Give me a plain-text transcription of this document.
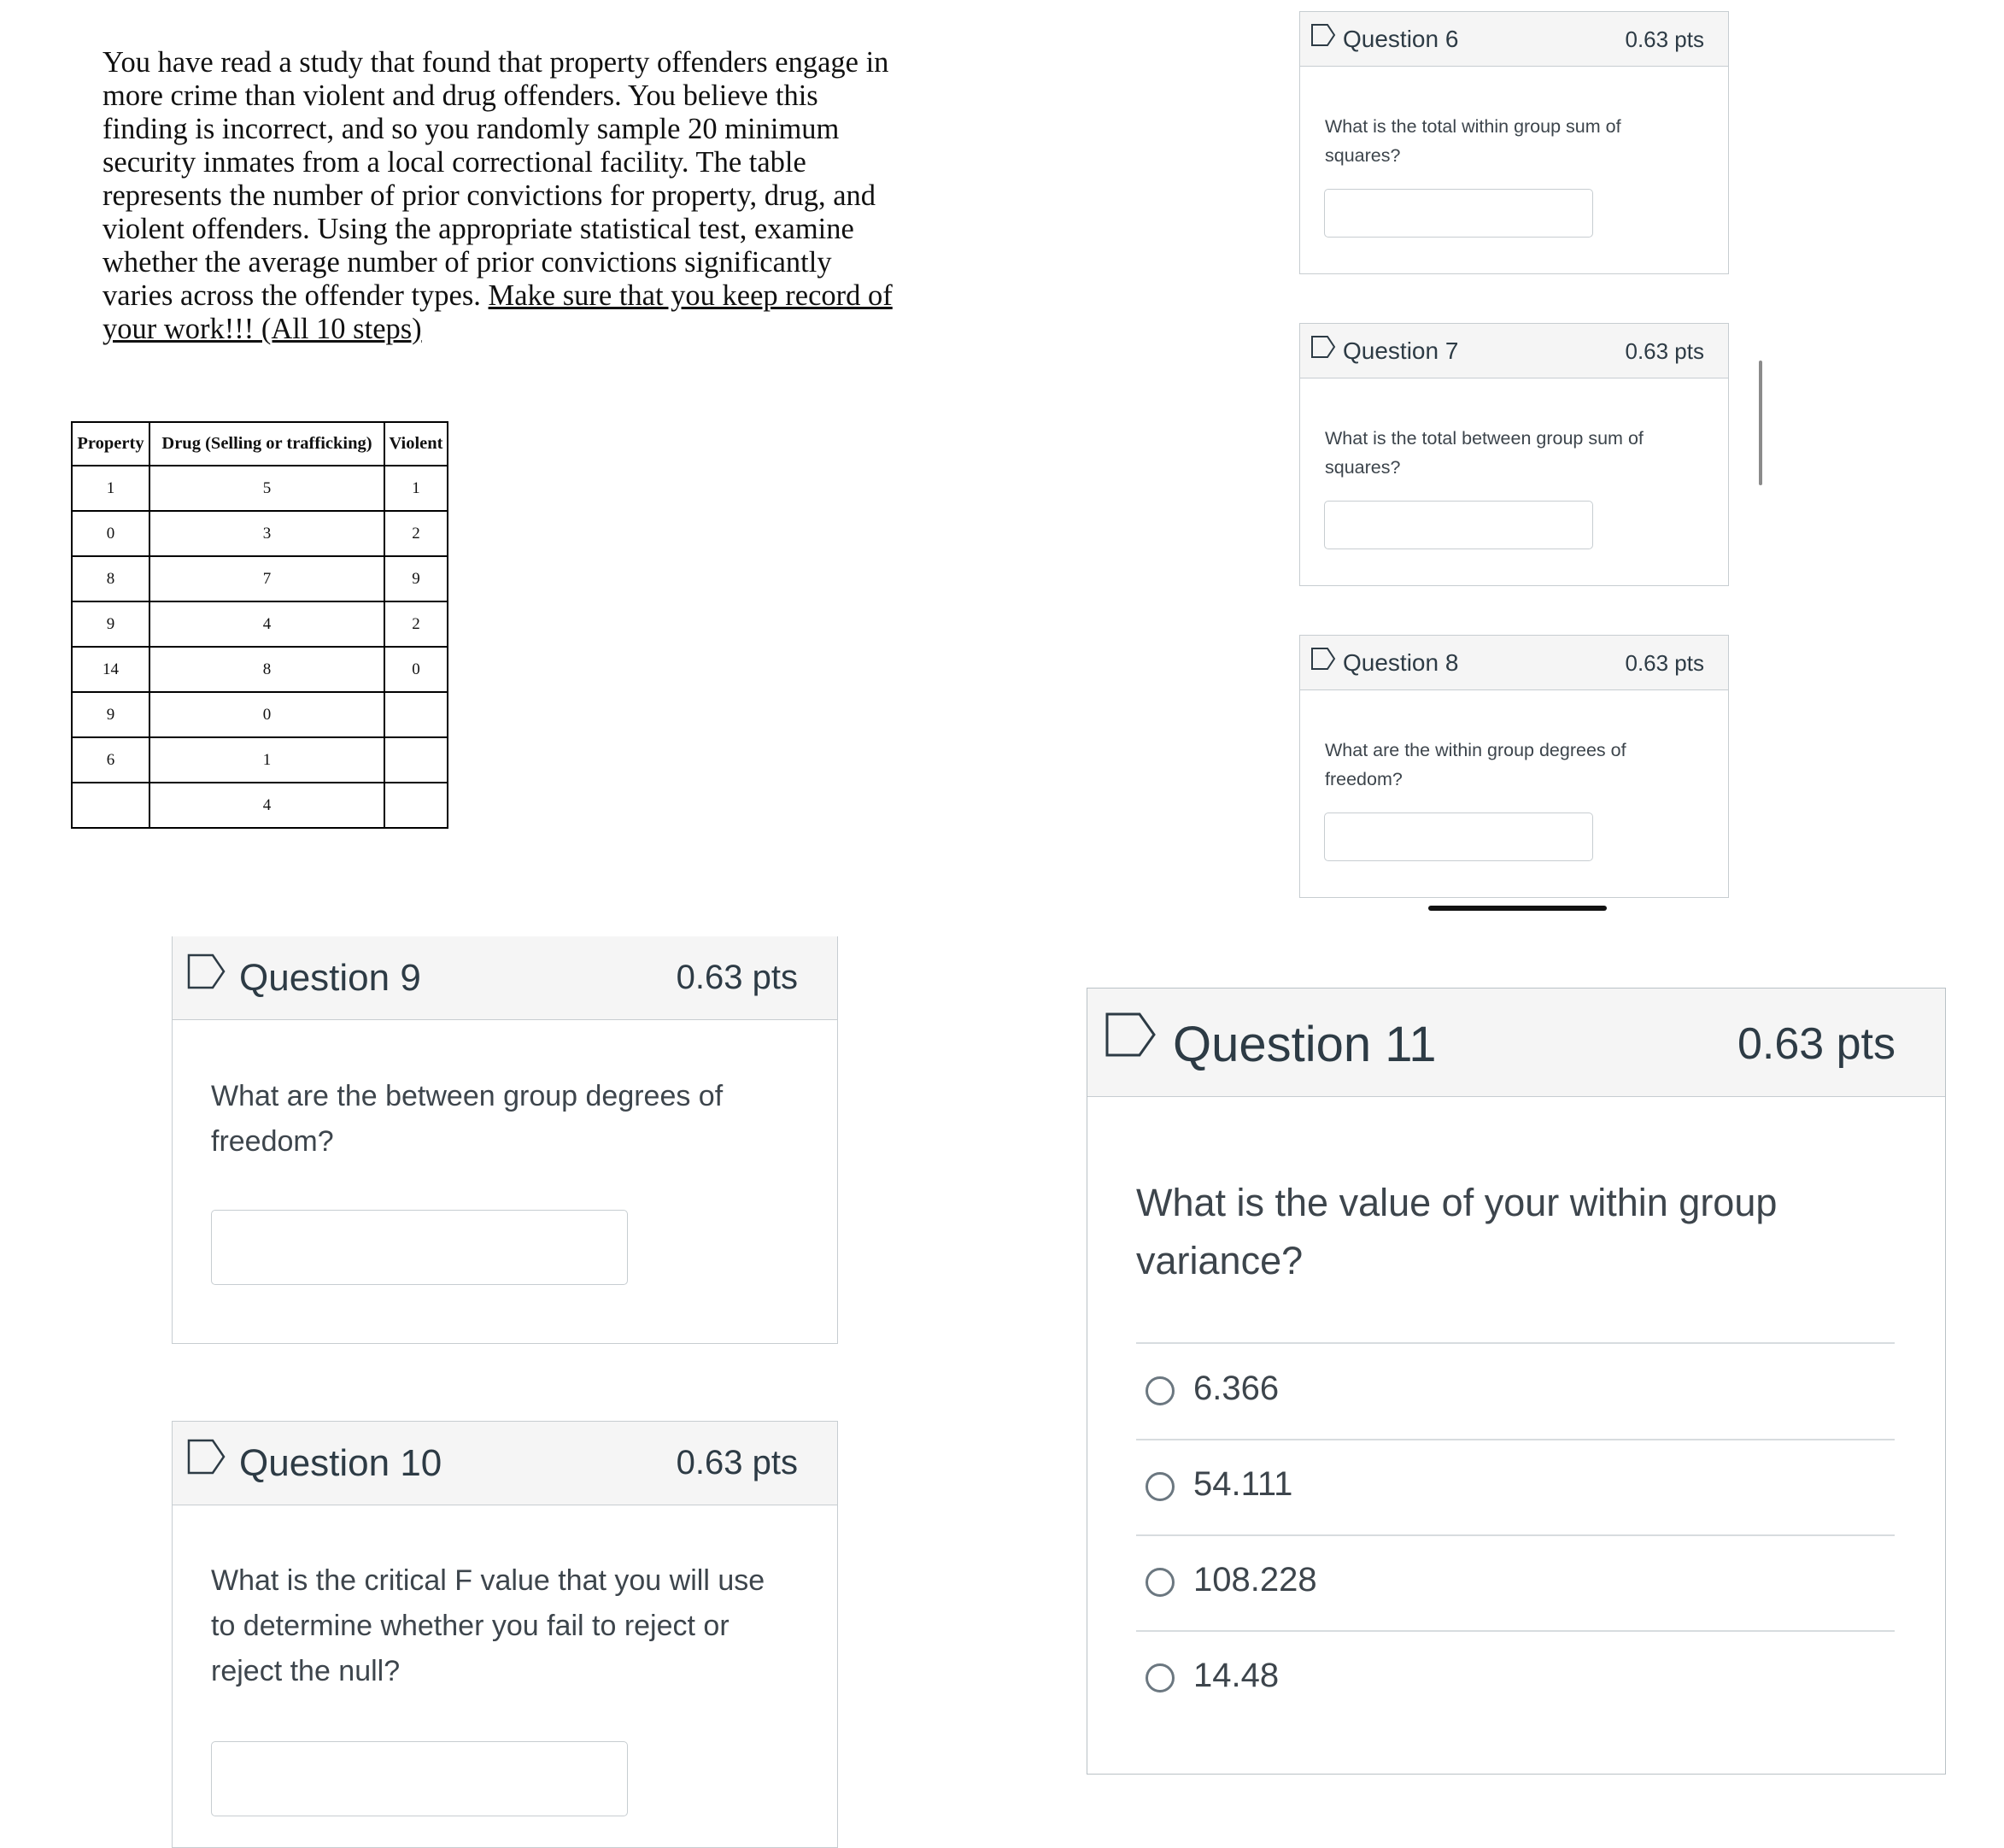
You have read a study that found that property offenders engage in more crime than violent and drug offenders. You believe this finding is incorrect, and so you randomly sample 20 minimum security inmates from a local correctional facility. The table represents the number of prior convictions for property, drug, and violent offenders. Using the appropriate statistical test, examine whether the average number of prior convictions significantly varies across the offender types. Make sure that you keep record of your work!!! (All 10 steps)
Property	Drug (Selling or trafficking)	Violent
1	5	1
0	3	2
8	7	9
9	4	2
14	8	0
9	0	
6	1	
	4	
Question 6	0.63 pts
What is the total within group sum of squares?
Question 7	0.63 pts
What is the total between group sum of squares?
Question 8	0.63 pts
What are the within group degrees of freedom?
Question 9	0.63 pts
What are the between group degrees of freedom?
Question 10	0.63 pts
What is the critical F value that you will use to determine whether you fail to reject or reject the null?
Question 11	0.63 pts
What is the value of your within group variance?
6.366
54.111
108.228
14.48
